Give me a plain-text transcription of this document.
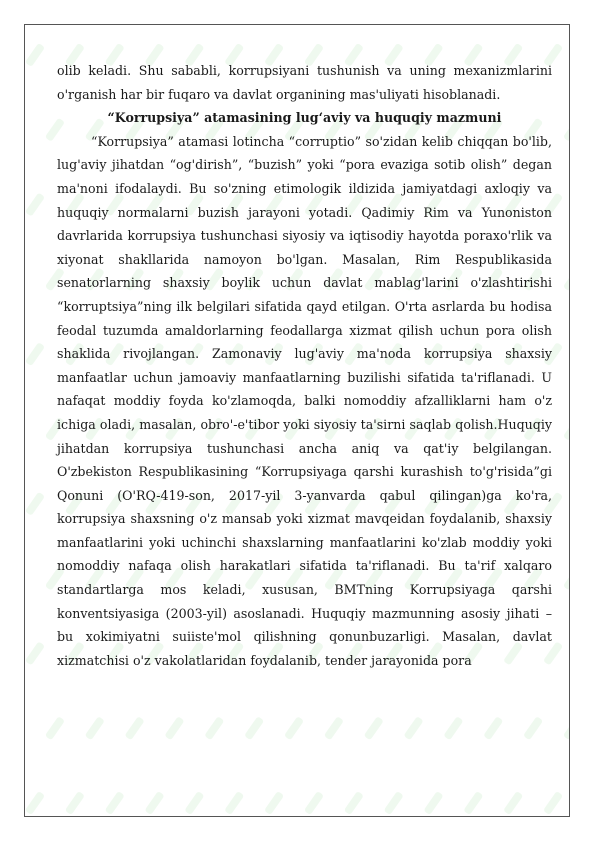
olib keladi. Shu sababli, korrupsiyani tushunish va uning mexanizmlarini o'rganish har bir fuqaro va davlat organining mas'uliyati hisoblanadi.

“Korrupsiya” atamasining lug‘aviy va huquqiy mazmuni

“Korrupsiya” atamasi lotincha “corruptio” so'zidan kelib chiqqan bo'lib, lug'aviy jihatdan “og'dirish”, “buzish” yoki “pora evaziga sotib olish” degan ma'noni ifodalaydi. Bu so'zning etimologik ildizida jamiyatdagi axloqiy va huquqiy normalarni buzish jarayoni yotadi. Qadimiy Rim va Yunoniston davrlarida korrupsiya tushunchasi siyosiy va iqtisodiy hayotda poraxo'rlik va xiyonat shakllarida namoyon bo'lgan. Masalan, Rim Respublikasida senatorlarning shaxsiy boylik uchun davlat mablag'larini o'zlashtirishi “korruptsiya”ning ilk belgilari sifatida qayd etilgan. O'rta asrlarda bu hodisa feodal tuzumda amaldorlarning feodallarga xizmat qilish uchun pora olish shaklida rivojlangan. Zamonaviy lug'aviy ma'noda korrupsiya shaxsiy manfaatlar uchun jamoaviy manfaatlarning buzilishi sifatida ta'riflanadi. U nafaqat moddiy foyda ko'zlamoqda, balki nomoddiy afzalliklarni ham o'z ichiga oladi, masalan, obro'-e'tibor yoki siyosiy ta'sirni saqlab qolish.Huquqiy jihatdan korrupsiya tushunchasi ancha aniq va qat'iy belgilangan. O'zbekiston Respublikasining “Korrupsiyaga qarshi kurashish to'g'risida”gi Qonuni (O'RQ-419-son, 2017-yil 3-yanvarda qabul qilingan)ga ko'ra, korrupsiya shaxsning o'z mansab yoki xizmat mavqeidan foydalanib, shaxsiy manfaatlarini yoki uchinchi shaxslarning manfaatlarini ko'zlab moddiy yoki nomoddiy nafaqa olish harakatlari sifatida ta'riflanadi. Bu ta'rif xalqaro standartlarga mos keladi, xususan, BMTning Korrupsiyaga qarshi konventsiyasiga (2003-yil) asoslanadi. Huquqiy mazmunning asosiy jihati – bu xokimiyatni suiiste'mol qilishning qonunbuzarligi. Masalan, davlat xizmatchisi o'z vakolatlaridan foydalanib, tender jarayonida pora
